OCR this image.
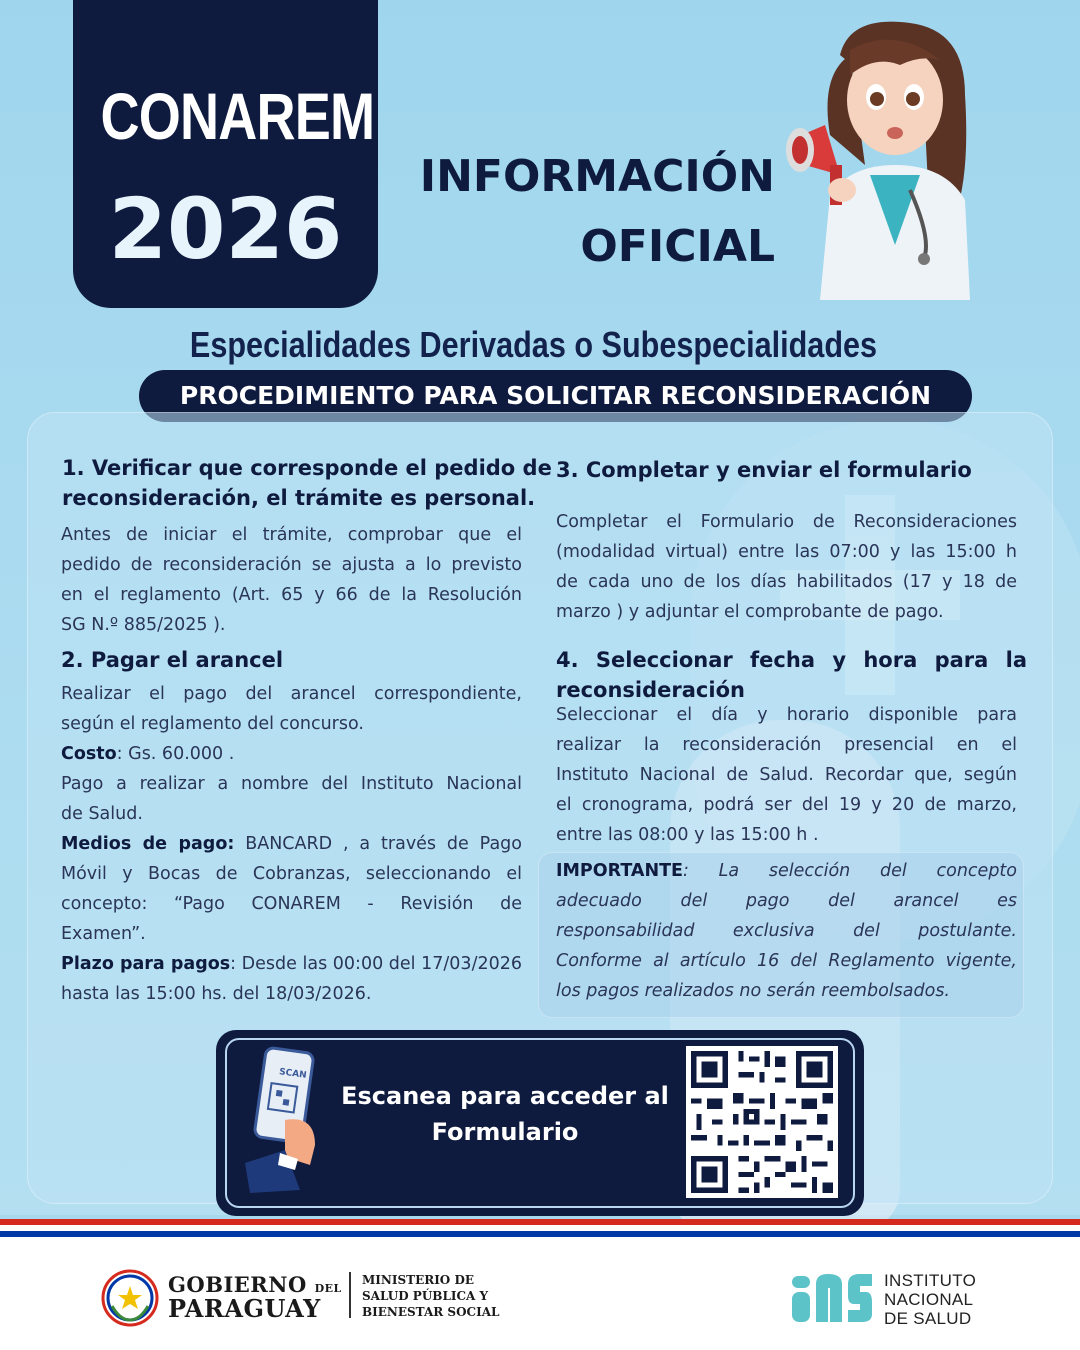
CONAREM
2026
INFORMACIÓN
OFICIAL
Especialidades Derivadas o Subespecialidades
PROCEDIMIENTO PARA SOLICITAR RECONSIDERACIÓN
1. Verificar que corresponde el pedido de
reconsideración, el trámite es personal.
Antes de iniciar el trámite, comprobar que el
pedido de reconsideración se ajusta a lo previsto
en el reglamento (Art. 65 y 66 de la Resolución
SG N.º 885/2025 ).
2. Pagar el arancel
Realizar el pago del arancel correspondiente,
según el reglamento del concurso.
Costo: Gs. 60.000 .
Pago a realizar a nombre del Instituto Nacional
de Salud.
Medios de pago: BANCARD , a través de Pago
Móvil y Bocas de Cobranzas, seleccionando el
concepto: “Pago CONAREM - Revisión de
Examen”.
Plazo para pagos: Desde las 00:00 del 17/03/2026
hasta las 15:00 hs. del 18/03/2026.
3. Completar y enviar el formulario
Completar el Formulario de Reconsideraciones
(modalidad virtual) entre las 07:00 y las 15:00 h
de cada uno de los días habilitados (17 y 18 de
marzo ) y adjuntar el comprobante de pago.
4. Seleccionar fecha y hora para la
reconsideración
Seleccionar el día y horario disponible para
realizar la reconsideración presencial en el
Instituto Nacional de Salud. Recordar que, según
el cronograma, podrá ser del 19 y 20 de marzo,
entre las 08:00 y las 15:00 h .
IMPORTANTE: La selección del concepto
adecuado del pago del arancel es
responsabilidad exclusiva del postulante.
Conforme al artículo 16 del Reglamento vigente,
los pagos realizados no serán reembolsados.
SCAN
Escanea para acceder al
Formulario
GOBIERNO DEL
PARAGUAY
MINISTERIO DE
SALUD PÚBLICA Y
BIENESTAR SOCIAL
INSTITUTO
NACIONAL
DE SALUD
